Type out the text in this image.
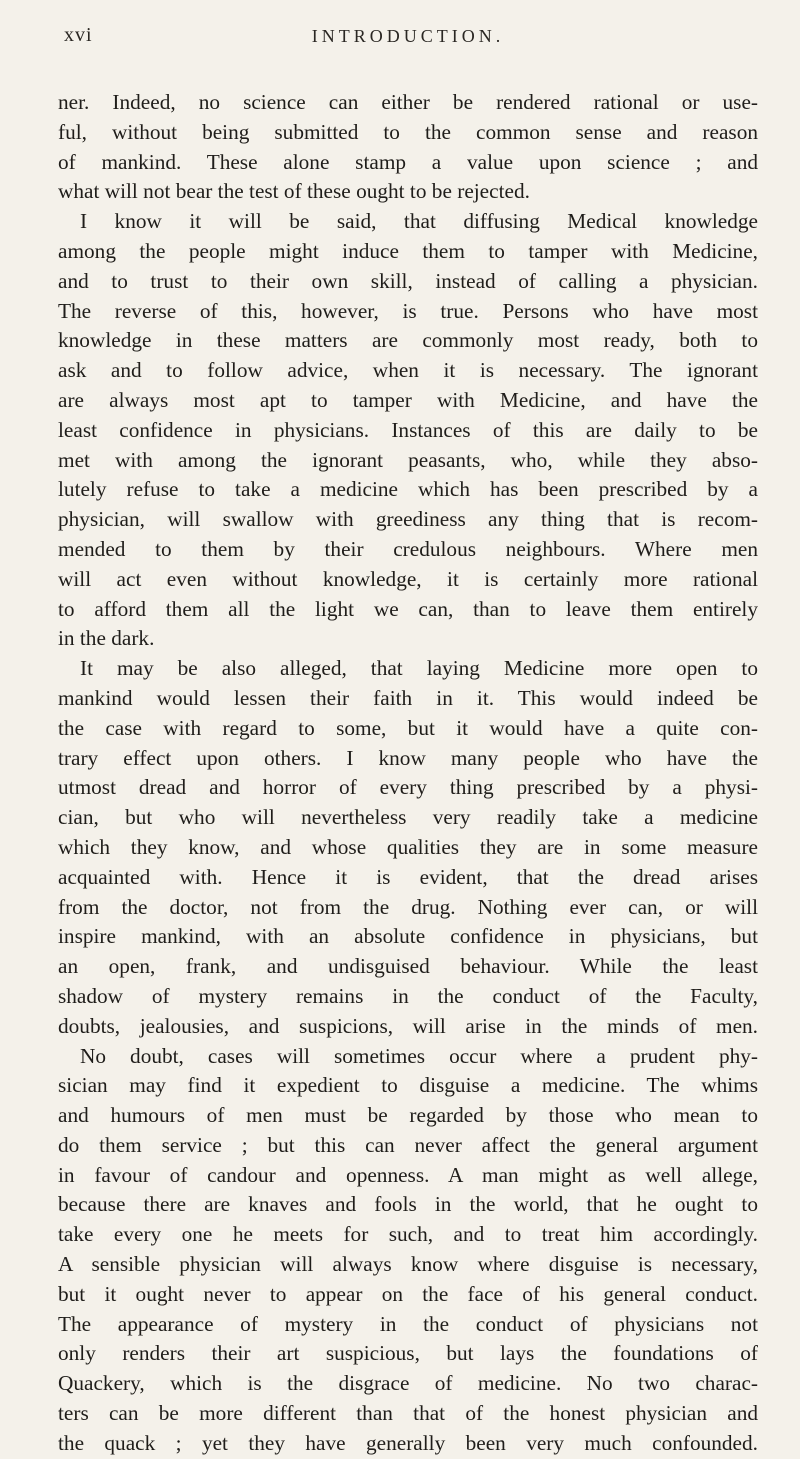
xvi	INTRODUCTION.
ner. Indeed, no science can either be rendered rational or use-
ful, without being submitted to the common sense and reason
of mankind. These alone stamp a value upon science ; and
what will not bear the test of these ought to be rejected.
I know it will be said, that diffusing Medical knowledge
among the people might induce them to tamper with Medicine,
and to trust to their own skill, instead of calling a physician.
The reverse of this, however, is true. Persons who have most
knowledge in these matters are commonly most ready, both to
ask and to follow advice, when it is necessary. The ignorant
are always most apt to tamper with Medicine, and have the
least confidence in physicians. Instances of this are daily to be
met with among the ignorant peasants, who, while they abso-
lutely refuse to take a medicine which has been prescribed by a
physician, will swallow with greediness any thing that is recom-
mended to them by their credulous neighbours. Where men
will act even without knowledge, it is certainly more rational
to afford them all the light we can, than to leave them entirely
in the dark.
It may be also alleged, that laying Medicine more open to
mankind would lessen their faith in it. This would indeed be
the case with regard to some, but it would have a quite con-
trary effect upon others. I know many people who have the
utmost dread and horror of every thing prescribed by a physi-
cian, but who will nevertheless very readily take a medicine
which they know, and whose qualities they are in some measure
acquainted with. Hence it is evident, that the dread arises
from the doctor, not from the drug. Nothing ever can, or will
inspire mankind, with an absolute confidence in physicians, but
an open, frank, and undisguised behaviour. While the least
shadow of mystery remains in the conduct of the Faculty,
doubts, jealousies, and suspicions, will arise in the minds of men.
No doubt, cases will sometimes occur where a prudent phy-
sician may find it expedient to disguise a medicine. The whims
and humours of men must be regarded by those who mean to
do them service ; but this can never affect the general argument
in favour of candour and openness. A man might as well allege,
because there are knaves and fools in the world, that he ought to
take every one he meets for such, and to treat him accordingly.
A sensible physician will always know where disguise is necessary,
but it ought never to appear on the face of his general conduct.
The appearance of mystery in the conduct of physicians not
only renders their art suspicious, but lays the foundations of
Quackery, which is the disgrace of medicine. No two charac-
ters can be more different than that of the honest physician and
the quack ; yet they have generally been very much confounded.
